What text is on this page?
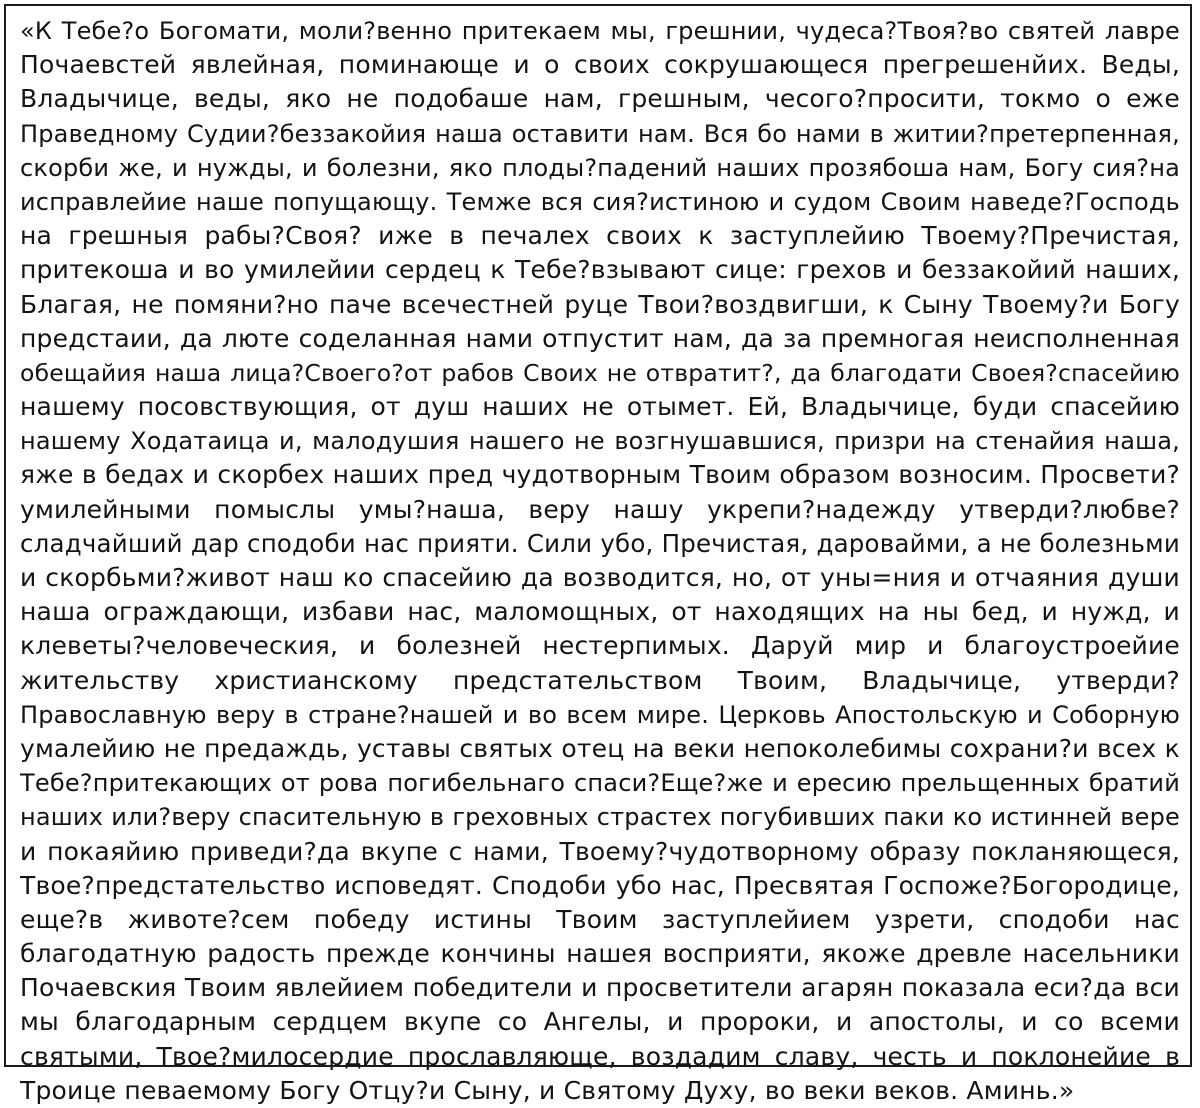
«К Тебе?о Богомати, моли?венно притекаем мы, грешнии, чудеса?Твоя?во святей лавре
Почаевстей явлейная, поминающе и о своих сокрушающеся прегрешенйих. Веды,
Владычице, веды, яко не подобаше нам, грешным, чесого?просити, токмо о еже
Праведному Судии?беззакойия наша оставити нам. Вся бо нами в житии?претерпенная,
скорби же, и нужды, и болезни, яко плоды?падений наших прозябоша нам, Богу сия?на
исправлейие наше попущающу. Темже вся сия?истиною и судом Своим наведе?Господь
на грешныя рабы?Своя? иже в печалех своих к заступлейию Твоему?Пречистая,
притекоша и во умилейии сердец к Тебе?взывают сице: грехов и беззакойий наших,
Благая, не помяни?но паче всечестней руце Твои?воздвигши, к Сыну Твоему?и Богу
предстаии, да люте соделанная нами отпустит нам, да за премногая неисполненная
обещайия наша лица?Своего?от рабов Своих не отвратит?, да благодати Своея?спасейию
нашему посовствующия, от душ наших не отымет. Ей, Владычице, буди спасейию
нашему Ходатаица и, малодушия нашего не возгнушавшися, призри на стенайия наша,
яже в бедах и скорбех наших пред чудотворным Твоим образом возносим. Просвети?
умилейными помыслы умы?наша, веру нашу укрепи?надежду утверди?любве?
сладчайший дар сподоби нас прияти. Сили убо, Пречистая, даровайми, а не болезньми
и скорбьми?живот наш ко спасейию да возводится, но, от уны=ния и отчаяния души
наша ограждающи, избави нас, маломощных, от находящих на ны бед, и нужд, и
клеветы?человеческия, и болезней нестерпимых. Даруй мир и благоустроейие
жительству христианскому предстательством Твоим, Владычице, утверди?
Православную веру в стране?нашей и во всем мире. Церковь Апостольскую и Соборную
умалейию не предаждь, уставы святых отец на веки непоколебимы сохрани?и всех к
Тебе?притекающих от рова погибельнаго спаси?Еще?же и ересию прельщенных братий
наших или?веру спасительную в греховных страстех погубивших паки ко истинней вере
и покаяйию приведи?да вкупе с нами, Твоему?чудотворному образу покланяющеся,
Твое?предстательство исповедят. Сподоби убо нас, Пресвятая Госпоже?Богородице,
еще?в животе?сем победу истины Твоим заступлейием узрети, сподоби нас
благодатную радость прежде кончины нашея восприяти, якоже древле насельники
Почаевския Твоим явлейием победители и просветители агарян показала еси?да вси
мы благодарным сердцем вкупе со Ангелы, и пророки, и апостолы, и со всеми
святыми, Твое?милосердие прославляюще, воздадим славу, честь и поклонейие в
Троице певаемому Богу Отцу?и Сыну, и Святому Духу, во веки веков. Аминь.»
